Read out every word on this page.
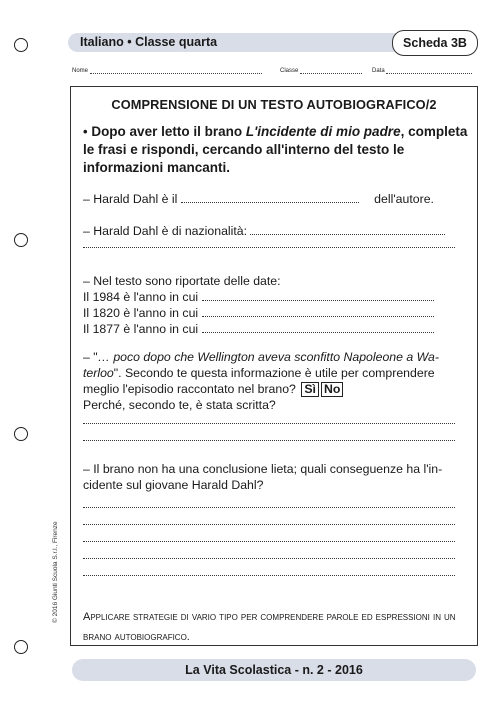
Italiano • Classe quarta	Scheda 3B
Nome	Classe	Data
COMPRENSIONE DI UN TESTO AUTOBIOGRAFICO/2
• Dopo aver letto il brano L'incidente di mio padre, completa le frasi e rispondi, cercando all'interno del testo le informazioni mancanti.
– Harald Dahl è il	dell'autore.
– Harald Dahl è di nazionalità:
– Nel testo sono riportate delle date:
Il 1984 è l'anno in cui
Il 1820 è l'anno in cui
Il 1877 è l'anno in cui
– "… poco dopo che Wellington aveva sconfitto Napoleone a Wa-
terloo". Secondo te questa informazione è utile per comprendere
meglio l'episodio raccontato nel brano? Sì No
Perché, secondo te, è stata scritta?
– Il brano non ha una conclusione lieta; quali conseguenze ha l'in-
cidente sul giovane Harald Dahl?
Applicare strategie di vario tipo per comprendere parole ed espressioni in un brano autobiografico.
© 2016 Giunti Scuola S.r.l., Firenze
La Vita Scolastica - n. 2 - 2016
